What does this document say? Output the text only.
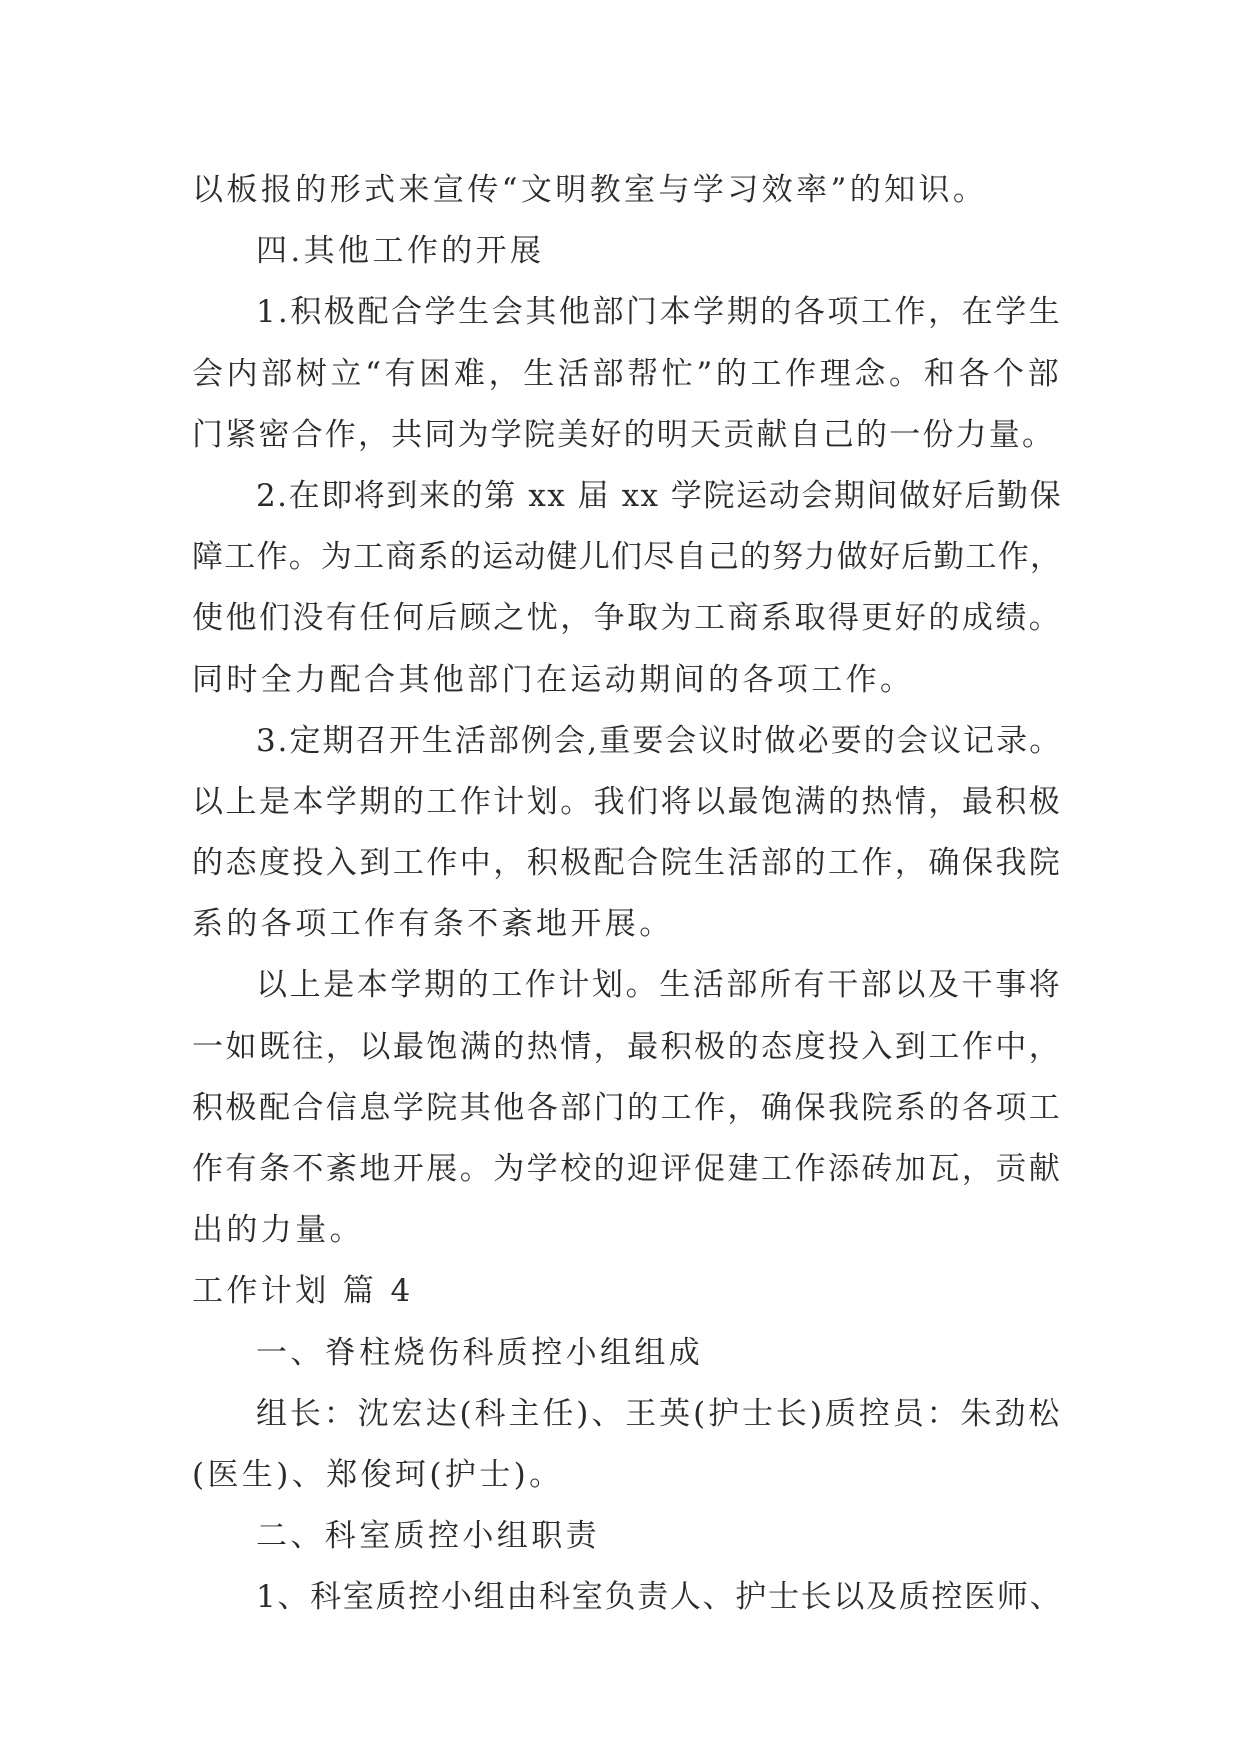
以板报的形式来宣传“文明教室与学习效率”的知识。
四.其他工作的开展
1.积极配合学生会其他部门本学期的各项工作，在学生
会内部树立“有困难，生活部帮忙”的工作理念。和各个部
门紧密合作，共同为学院美好的明天贡献自己的一份力量。
2.在即将到来的第 xx 届 xx 学院运动会期间做好后勤保
障工作。为工商系的运动健儿们尽自己的努力做好后勤工作，
使他们没有任何后顾之忧，争取为工商系取得更好的成绩。
同时全力配合其他部门在运动期间的各项工作。
3.定期召开生活部例会,重要会议时做必要的会议记录。
以上是本学期的工作计划。我们将以最饱满的热情，最积极
的态度投入到工作中，积极配合院生活部的工作，确保我院
系的各项工作有条不紊地开展。
以上是本学期的工作计划。生活部所有干部以及干事将
一如既往，以最饱满的热情，最积极的态度投入到工作中，
积极配合信息学院其他各部门的工作，确保我院系的各项工
作有条不紊地开展。为学校的迎评促建工作添砖加瓦，贡献
出的力量。
工作计划 篇 4
一、脊柱烧伤科质控小组组成
组长：沈宏达(科主任)、王英(护士长)质控员：朱劲松
(医生)、郑俊珂(护士)。
二、科室质控小组职责
1、科室质控小组由科室负责人、护士长以及质控医师、
